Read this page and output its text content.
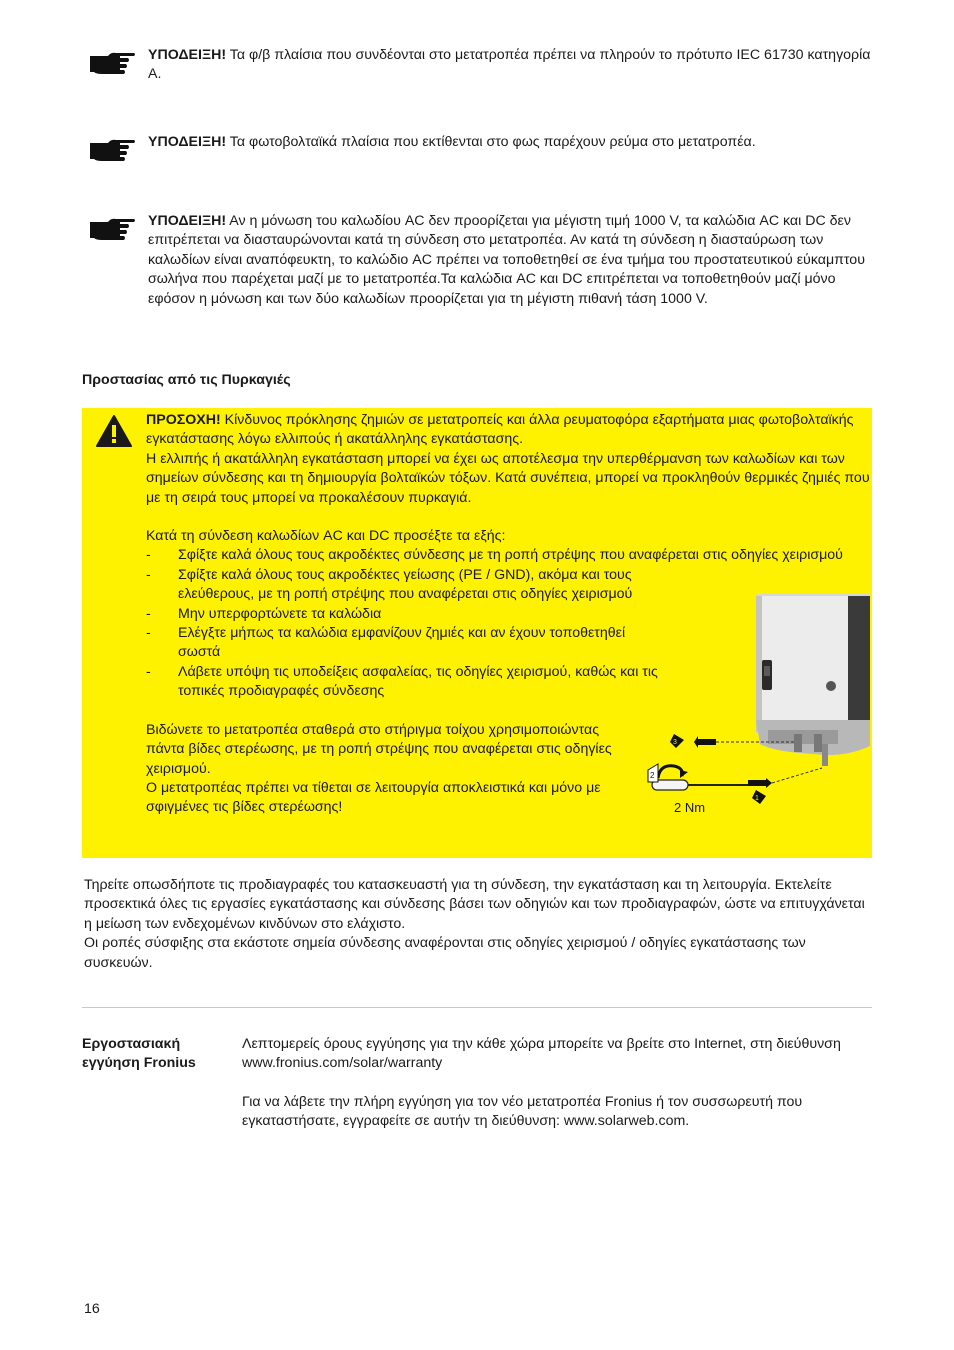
ΥΠΟΔΕΙΞΗ! Τα φ/β πλαίσια που συνδέονται στο μετατροπέα πρέπει να πληρούν το πρότυπο IEC 61730 κατηγορία A.
ΥΠΟΔΕΙΞΗ! Τα φωτοβολταϊκά πλαίσια που εκτίθενται στο φως παρέχουν ρεύμα στο μετατροπέα.
ΥΠΟΔΕΙΞΗ! Αν η μόνωση του καλωδίου AC δεν προορίζεται για μέγιστη τιμή 1000 V, τα καλώδια AC και DC δεν επιτρέπεται να διασταυρώνονται κατά τη σύνδεση στο μετατροπέα. Αν κατά τη σύνδεση η διασταύρωση των καλωδίων είναι αναπόφευκτη, το καλώδιο AC πρέπει να τοποθετηθεί σε ένα τμήμα του προστατευτικού εύκαμπτου σωλήνα που παρέχεται μαζί με το μετατροπέα.Τα καλώδια AC και DC επιτρέπεται να τοποθετηθούν μαζί μόνο εφόσον η μόνωση και των δύο καλωδίων προορίζεται για τη μέγιστη πιθανή τάση 1000 V.
Προστασίας από τις Πυρκαγιές

ΠΡΟΣΟΧΗ! Κίνδυνος πρόκλησης ζημιών σε μετατροπείς και άλλα ρευματοφόρα εξαρτήματα μιας φωτοβολταϊκής εγκατάστασης λόγω ελλιπούς ή ακατάλληλης εγκατάστασης.

Η ελλιπής ή ακατάλληλη εγκατάσταση μπορεί να έχει ως αποτέλεσμα την υπερθέρμανση των καλωδίων και των σημείων σύνδεσης και τη δημιουργία βολταϊκών τόξων. Κατά συνέπεια, μπορεί να προκληθούν θερμικές ζημιές που με τη σειρά τους μπορεί να προκαλέσουν πυρκαγιά.

Κατά τη σύνδεση καλωδίων AC και DC προσέξτε τα εξής:

- Σφίξτε καλά όλους τους ακροδέκτες σύνδεσης με τη ροπή στρέψης που αναφέρεται στις οδηγίες χειρισμού
- Σφίξτε καλά όλους τους ακροδέκτες γείωσης (PE / GND), ακόμα και τους ελεύθερους, με τη ροπή στρέψης που αναφέρεται στις οδηγίες χειρισμού
- Μην υπερφορτώνετε τα καλώδια
- Ελέγξτε μήπως τα καλώδια εμφανίζουν ζημιές και αν έχουν τοποθετηθεί σωστά
- Λάβετε υπόψη τις υποδείξεις ασφαλείας, τις οδηγίες χειρισμού, καθώς και τις τοπικές προδιαγραφές σύνδεσης

Βιδώνετε το μετατροπέα σταθερά στο στήριγμα τοίχου χρησιμοποιώντας πάντα βίδες στερέωσης, με τη ροπή στρέψης που αναφέρεται στις οδηγίες χειρισμού.

Ο μετατροπέας πρέπει να τίθεται σε λειτουργία αποκλειστικά και μόνο με σφιγμένες τις βίδες στερέωσης!

3
2
1
2 Nm

Τηρείτε οπωσδήποτε τις προδιαγραφές του κατασκευαστή για τη σύνδεση, την εγκατάσταση και τη λειτουργία. Εκτελείτε προσεκτικά όλες τις εργασίες εγκατάστασης και σύνδεσης βάσει των οδηγιών και των προδιαγραφών, ώστε να επιτυγχάνεται η μείωση των ενδεχομένων κινδύνων στο ελάχιστο.

Οι ροπές σύσφιξης στα εκάστοτε σημεία σύνδεσης αναφέρονται στις οδηγίες χειρισμού / οδηγίες εγκατάστασης των συσκευών.

Εργοστασιακή
εγγύηση Fronius

Λεπτομερείς όρους εγγύησης για την κάθε χώρα μπορείτε να βρείτε στο Internet, στη διεύθυνση www.fronius.com/solar/warranty

Για να λάβετε την πλήρη εγγύηση για τον νέο μετατροπέα Fronius ή τον συσσωρευτή που εγκαταστήσατε, εγγραφείτε σε αυτήν τη διεύθυνση: www.solarweb.com.

16
